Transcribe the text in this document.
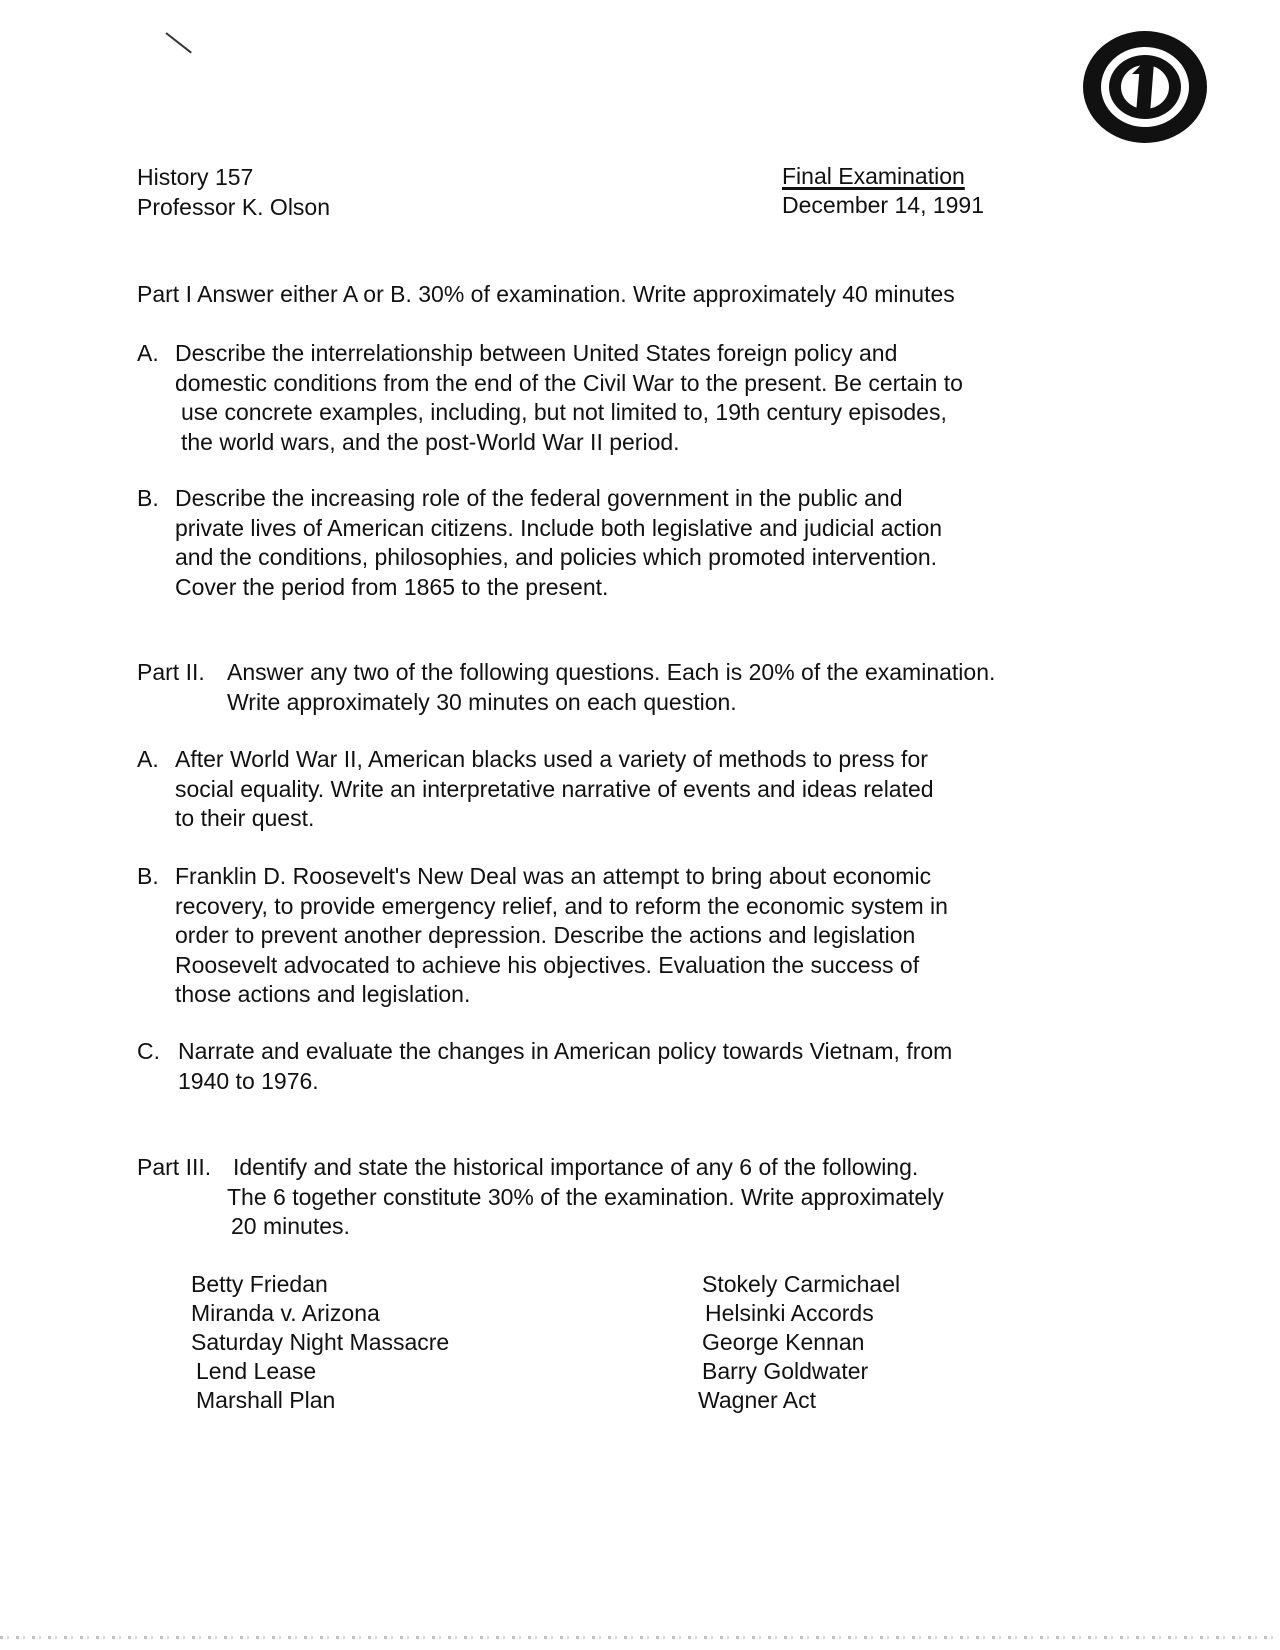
History 157
Professor K. Olson
Final Examination
December 14, 1991
Part I Answer either A or B. 30% of examination. Write approximately 40 minutes
A. Describe the interrelationship between United States foreign policy and
domestic conditions from the end of the Civil War to the present. Be certain to
use concrete examples, including, but not limited to, 19th century episodes,
the world wars, and the post-World War II period.
B. Describe the increasing role of the federal government in the public and
private lives of American citizens. Include both legislative and judicial action
and the conditions, philosophies, and policies which promoted intervention.
Cover the period from 1865 to the present.
Part II. Answer any two of the following questions. Each is 20% of the examination.
Write approximately 30 minutes on each question.
A. After World War II, American blacks used a variety of methods to press for
social equality. Write an interpretative narrative of events and ideas related
to their quest.
B. Franklin D. Roosevelt's New Deal was an attempt to bring about economic
recovery, to provide emergency relief, and to reform the economic system in
order to prevent another depression. Describe the actions and legislation
Roosevelt advocated to achieve his objectives. Evaluation the success of
those actions and legislation.
C. Narrate and evaluate the changes in American policy towards Vietnam, from
1940 to 1976.
Part III. Identify and state the historical importance of any 6 of the following.
The 6 together constitute 30% of the examination. Write approximately
20 minutes.
Betty Friedan
Miranda v. Arizona
Saturday Night Massacre
Lend Lease
Marshall Plan
Stokely Carmichael
Helsinki Accords
George Kennan
Barry Goldwater
Wagner Act
